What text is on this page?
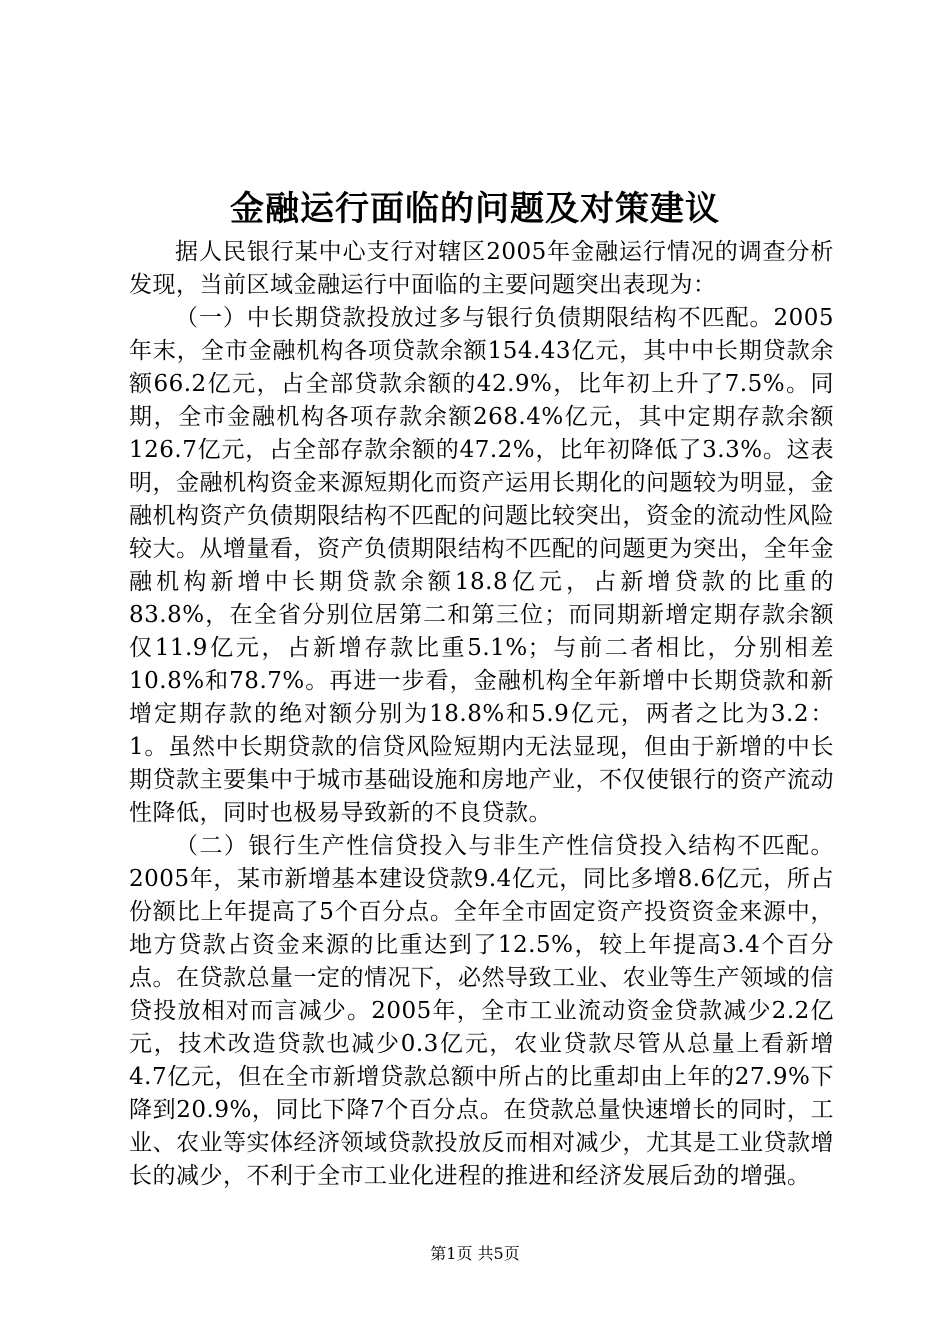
金融运行面临的问题及对策建议

据人民银行某中心支行对辖区2005年金融运行情况的调查分析发现，当前区域金融运行中面临的主要问题突出表现为：

（一）中长期贷款投放过多与银行负债期限结构不匹配。2005年末，全市金融机构各项贷款余额154.43亿元，其中中长期贷款余额66.2亿元，占全部贷款余额的42.9%，比年初上升了7.5%。同期，全市金融机构各项存款余额268.4%亿元，其中定期存款余额126.7亿元，占全部存款余额的47.2%，比年初降低了3.3%。这表明，金融机构资金来源短期化而资产运用长期化的问题较为明显，金融机构资产负债期限结构不匹配的问题比较突出，资金的流动性风险较大。从增量看，资产负债期限结构不匹配的问题更为突出，全年金融机构新增中长期贷款余额18.8亿元，占新增贷款的比重的83.8%，在全省分别位居第二和第三位；而同期新增定期存款余额仅11.9亿元，占新增存款比重5.1%；与前二者相比，分别相差10.8%和78.7%。再进一步看，金融机构全年新增中长期贷款和新增定期存款的绝对额分别为18.8%和5.9亿元，两者之比为3.2：1。虽然中长期贷款的信贷风险短期内无法显现，但由于新增的中长期贷款主要集中于城市基础设施和房地产业，不仅使银行的资产流动性降低，同时也极易导致新的不良贷款。

（二）银行生产性信贷投入与非生产性信贷投入结构不匹配。2005年，某市新增基本建设贷款9.4亿元，同比多增8.6亿元，所占份额比上年提高了5个百分点。全年全市固定资产投资资金来源中，地方贷款占资金来源的比重达到了12.5%，较上年提高3.4个百分点。在贷款总量一定的情况下，必然导致工业、农业等生产领域的信贷投放相对而言减少。2005年，全市工业流动资金贷款减少2.2亿元，技术改造贷款也减少0.3亿元，农业贷款尽管从总量上看新增4.7亿元，但在全市新增贷款总额中所占的比重却由上年的27.9%下降到20.9%，同比下降7个百分点。在贷款总量快速增长的同时，工业、农业等实体经济领域贷款投放反而相对减少，尤其是工业贷款增长的减少，不利于全市工业化进程的推进和经济发展后劲的增强。

第1页 共5页
